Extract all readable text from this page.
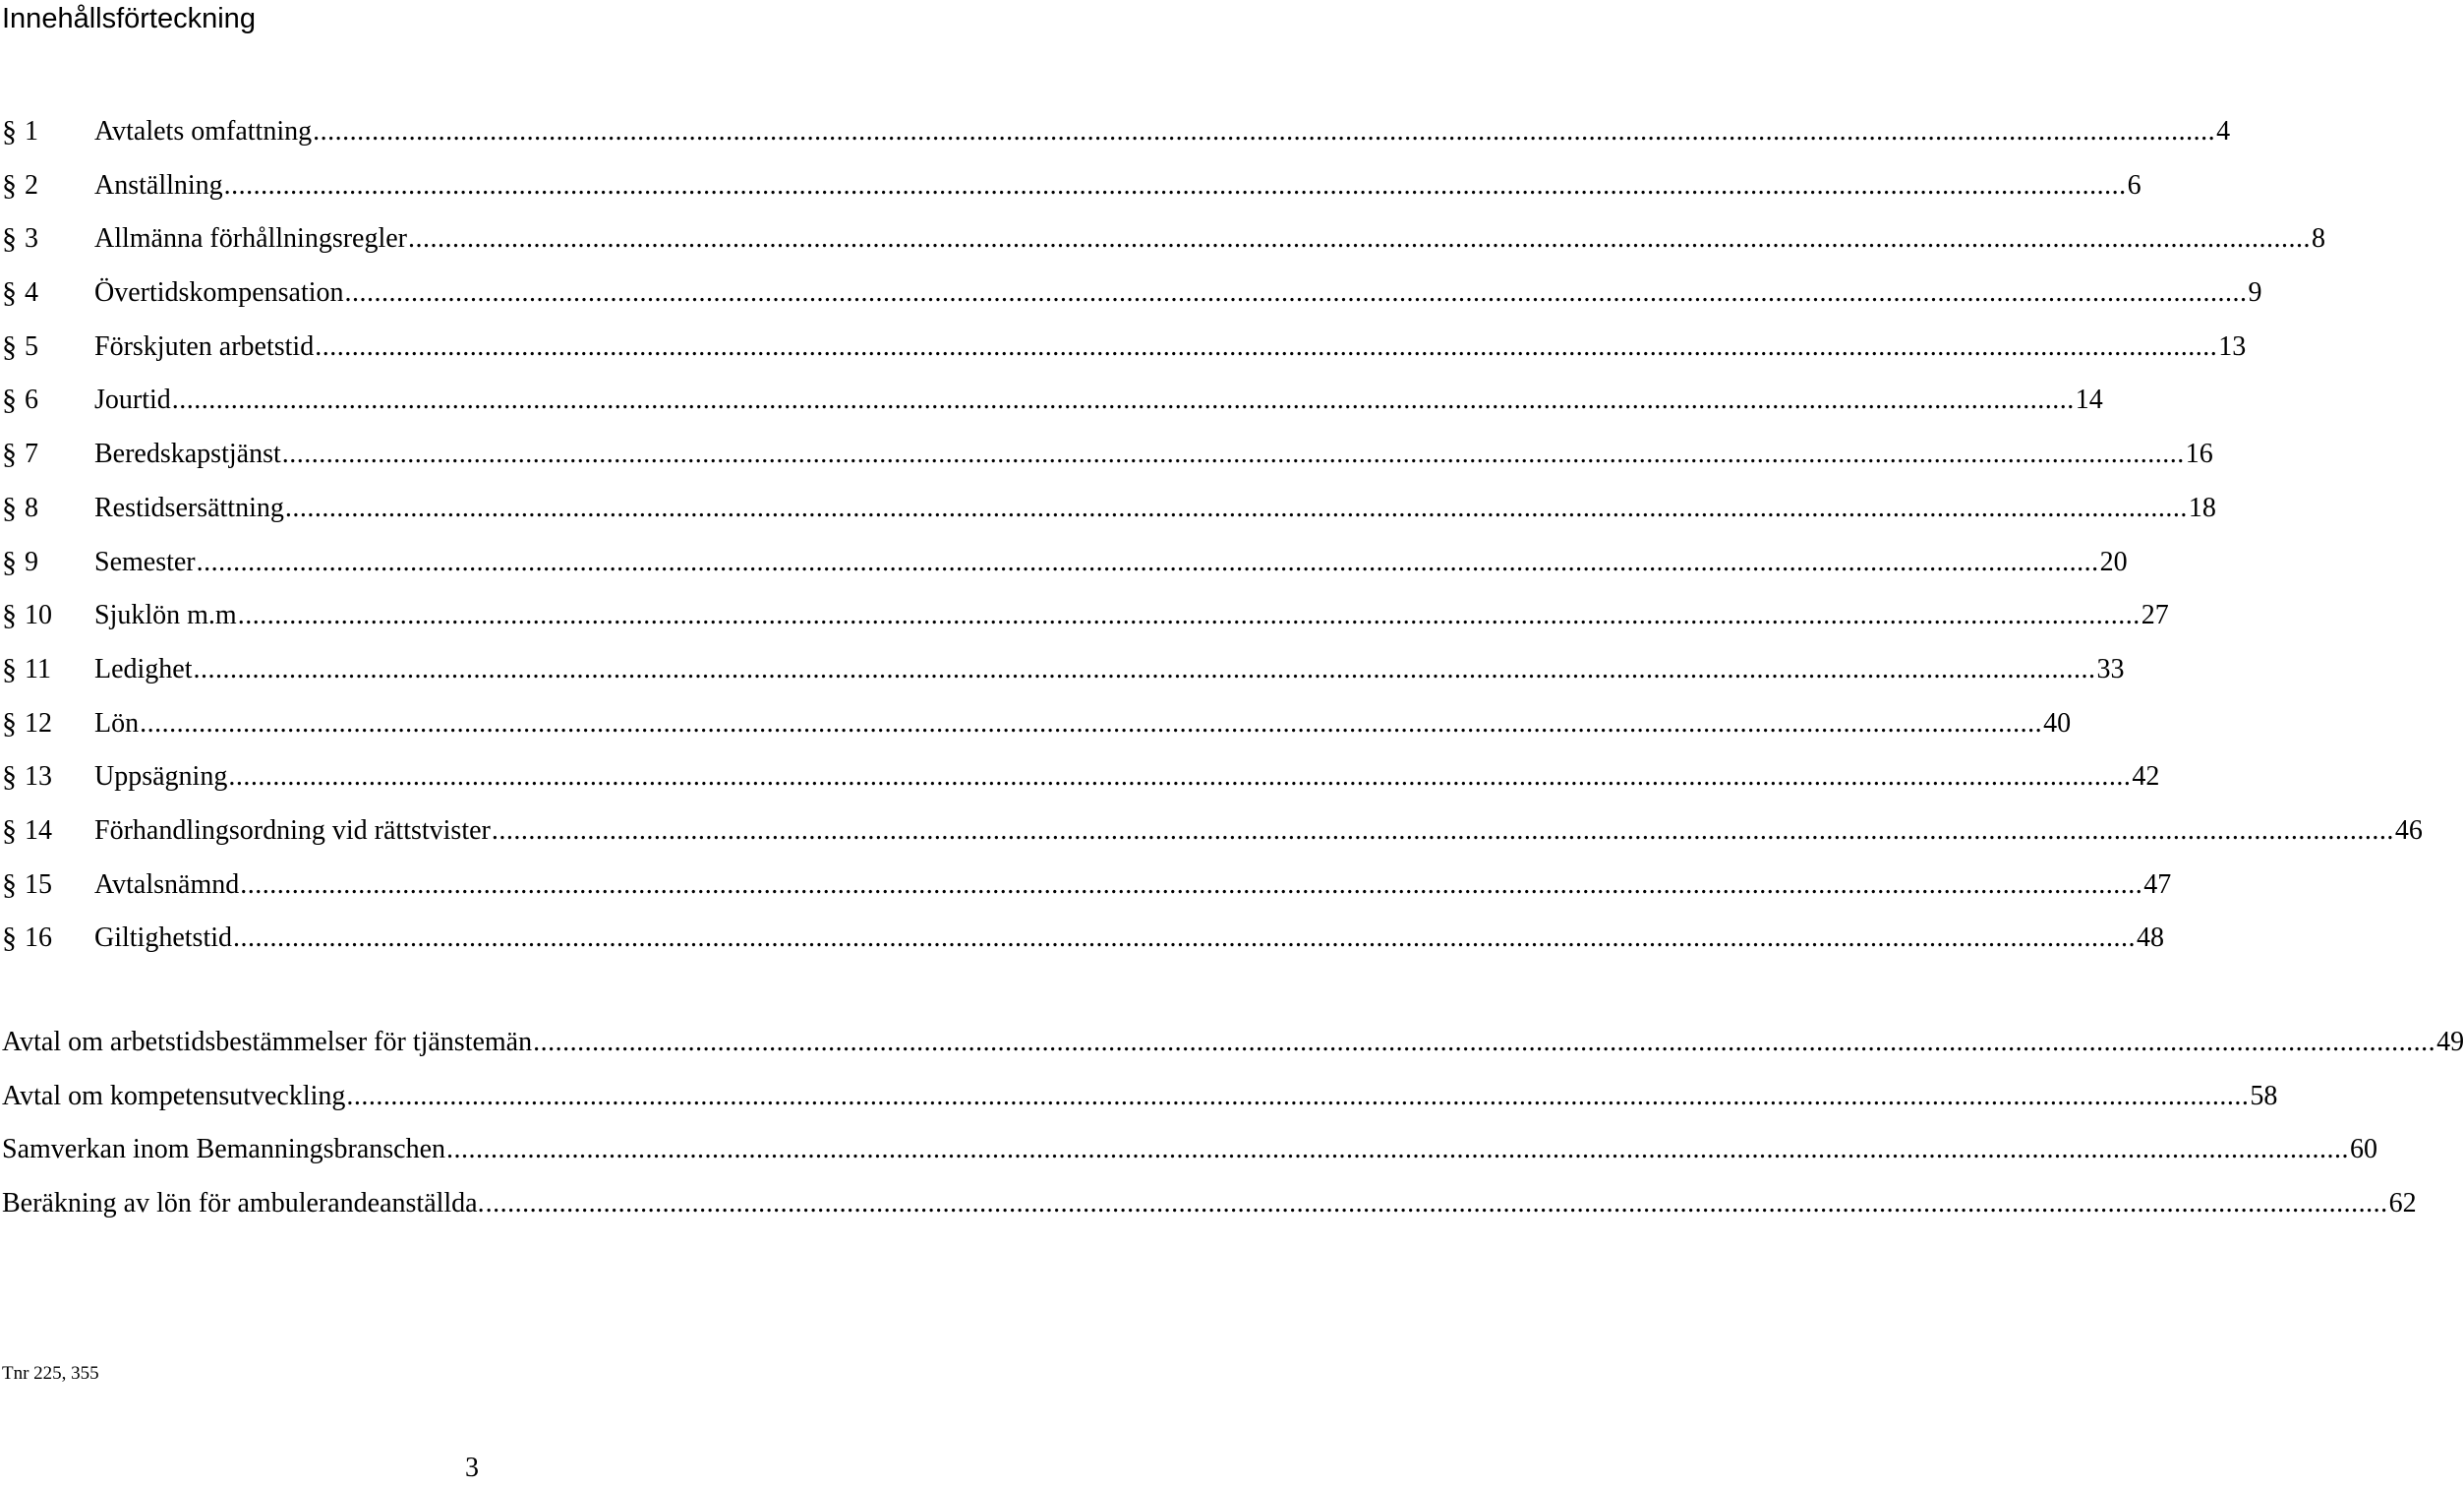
Innehållsförteckning
§ 1 Avtalets omfattning .................................................................................................................................................................................................................................................................. 4
§ 2 Anställning .................................................................................................................................................................................................................................................................. 6
§ 3 Allmänna förhållningsregler .................................................................................................................................................................................................................................................................. 8
§ 4 Övertidskompensation .................................................................................................................................................................................................................................................................. 9
§ 5 Förskjuten arbetstid .................................................................................................................................................................................................................................................................. 13
§ 6 Jourtid .................................................................................................................................................................................................................................................................. 14
§ 7 Beredskapstjänst .................................................................................................................................................................................................................................................................. 16
§ 8 Restidsersättning .................................................................................................................................................................................................................................................................. 18
§ 9 Semester .................................................................................................................................................................................................................................................................. 20
§ 10 Sjuklön m.m .................................................................................................................................................................................................................................................................. 27
§ 11 Ledighet .................................................................................................................................................................................................................................................................. 33
§ 12 Lön .................................................................................................................................................................................................................................................................. 40
§ 13 Uppsägning .................................................................................................................................................................................................................................................................. 42
§ 14 Förhandlingsordning vid rättstvister .................................................................................................................................................................................................................................................................. 46
§ 15 Avtalsnämnd .................................................................................................................................................................................................................................................................. 47
§ 16 Giltighetstid .................................................................................................................................................................................................................................................................. 48
Avtal om arbetstidsbestämmelser för tjänstemän .................................................................................................................................................................................................................................................................. 49
Avtal om kompetensutveckling .................................................................................................................................................................................................................................................................. 58
Samverkan inom Bemanningsbranschen .................................................................................................................................................................................................................................................................. 60
Beräkning av lön för ambulerandeanställda. .................................................................................................................................................................................................................................................................. 62
Tnr 225, 355
3
